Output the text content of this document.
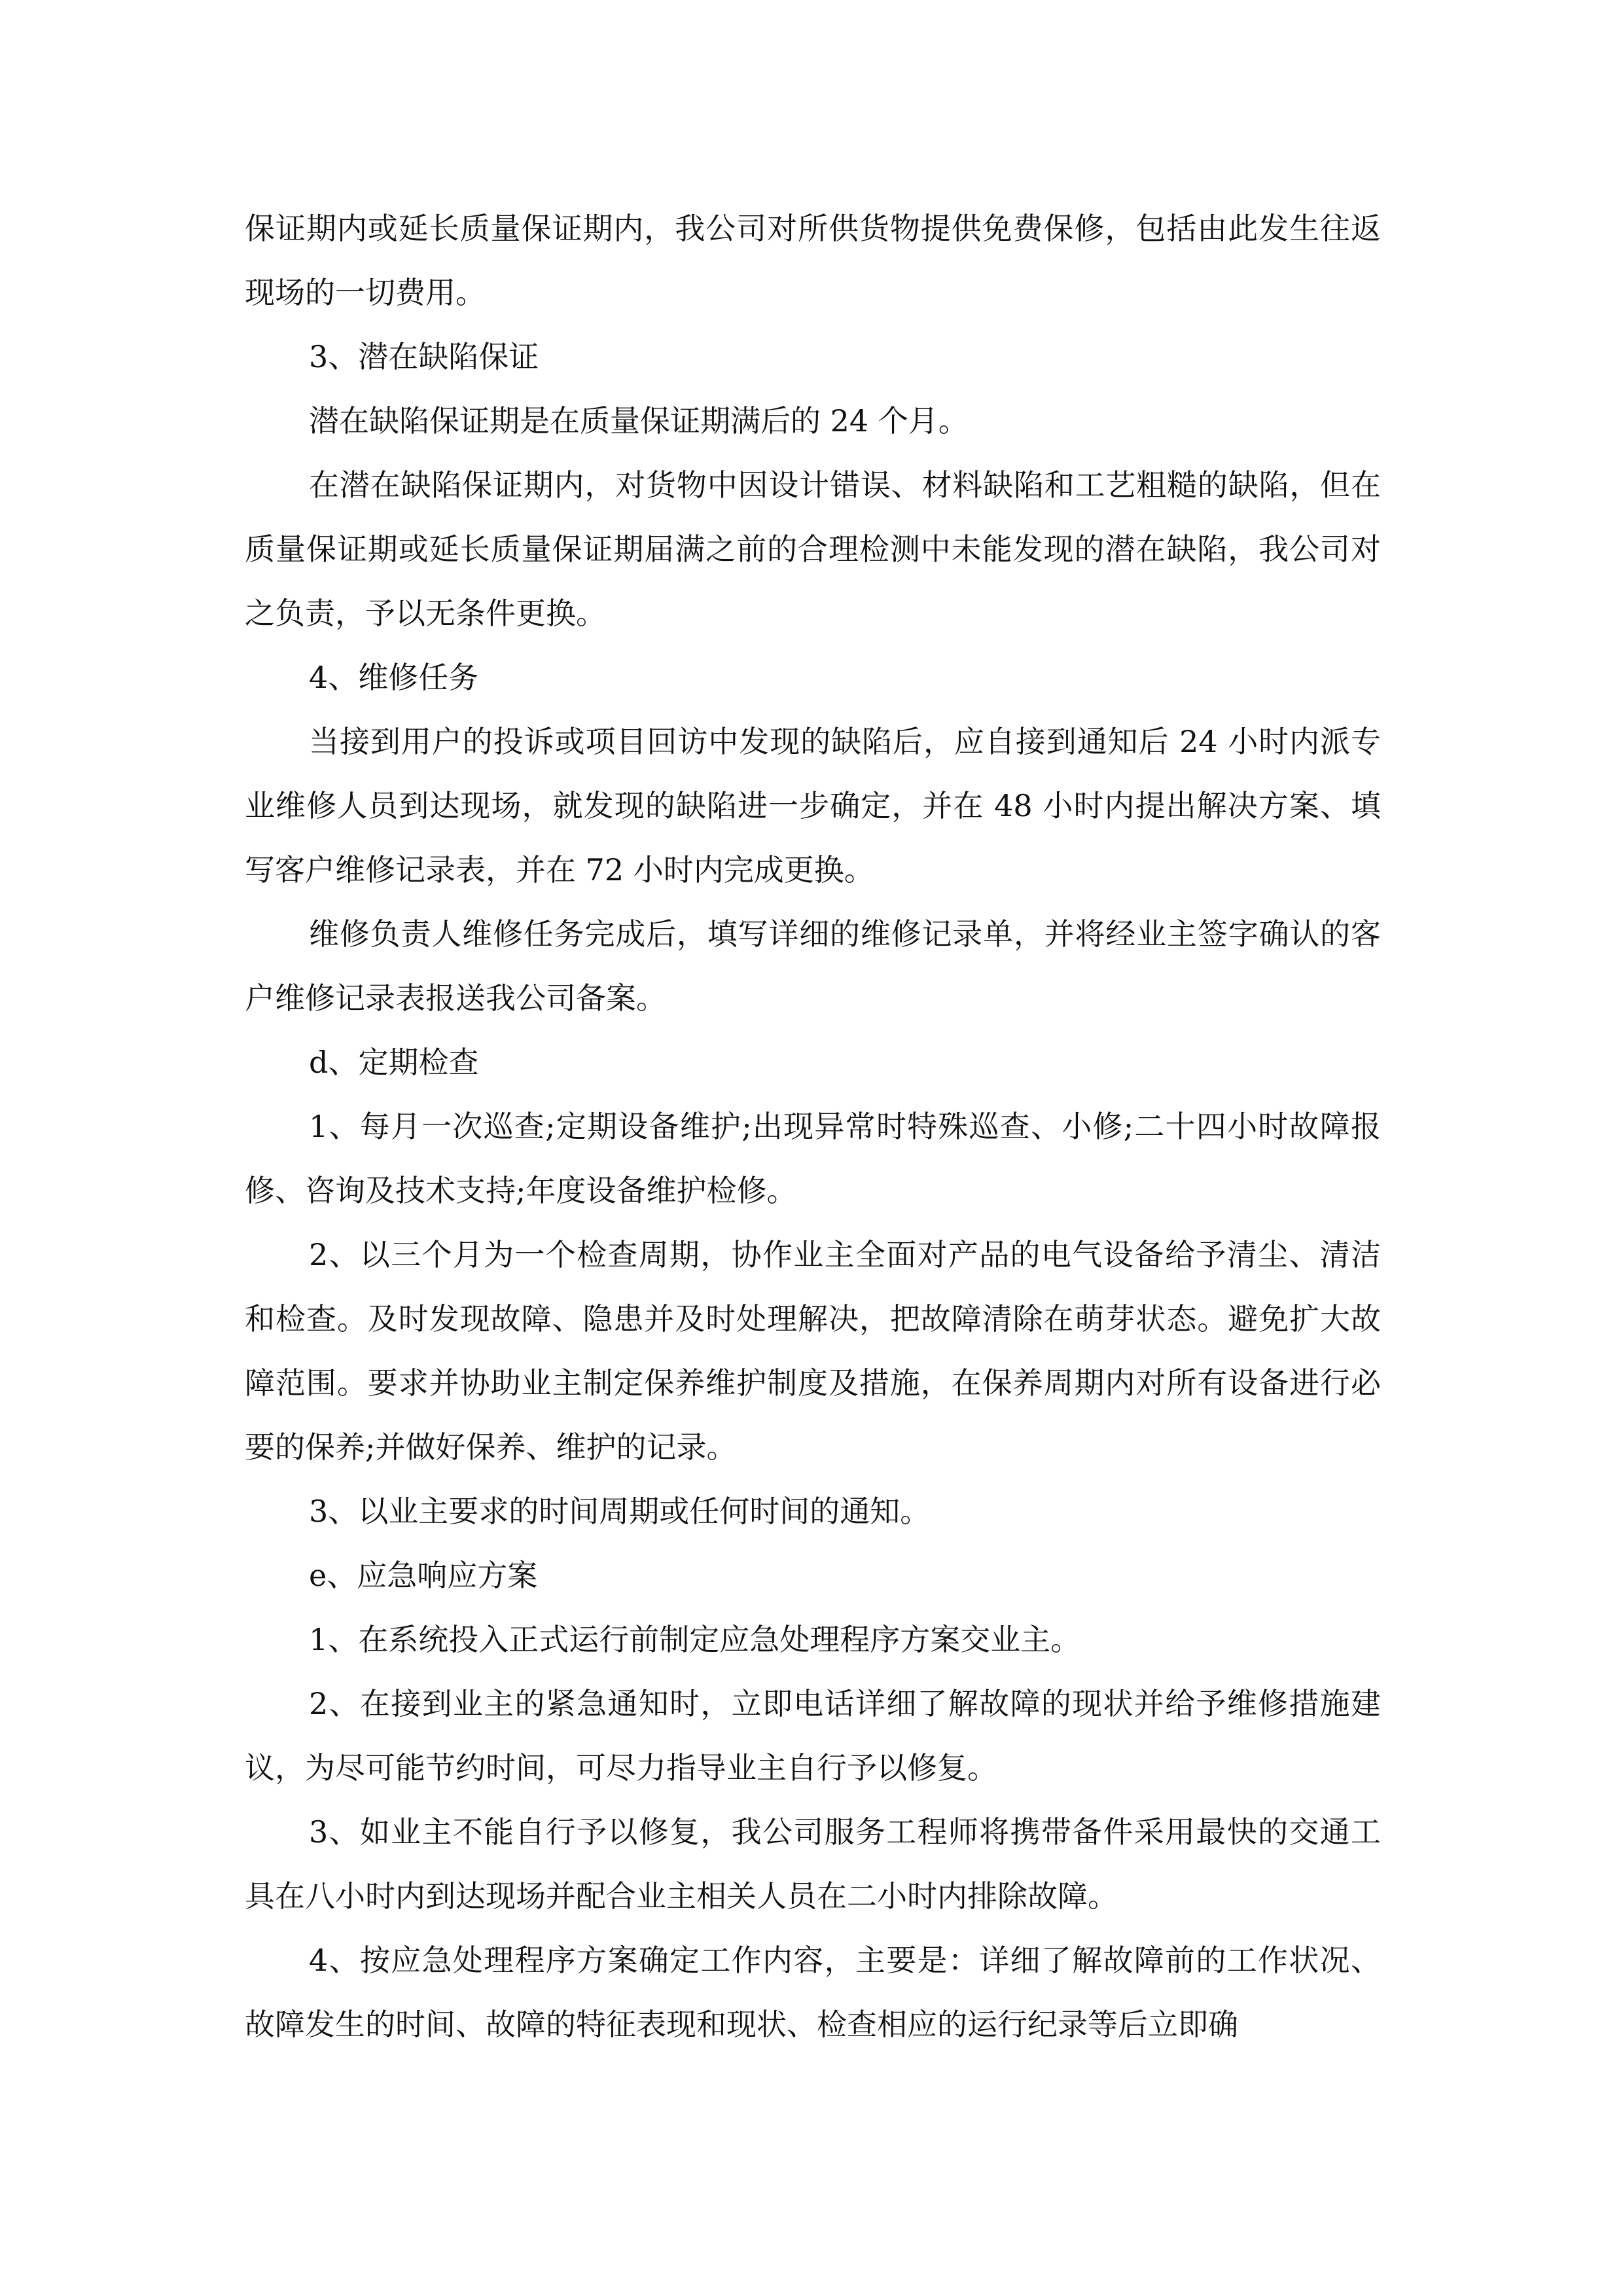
保证期内或延长质量保证期内，我公司对所供货物提供免费保修，包括由此发生往返现场的一切费用。

3、潜在缺陷保证

潜在缺陷保证期是在质量保证期满后的 24 个月。

在潜在缺陷保证期内，对货物中因设计错误、材料缺陷和工艺粗糙的缺陷，但在质量保证期或延长质量保证期届满之前的合理检测中未能发现的潜在缺陷，我公司对之负责，予以无条件更换。

4、维修任务

当接到用户的投诉或项目回访中发现的缺陷后，应自接到通知后 24 小时内派专业维修人员到达现场，就发现的缺陷进一步确定，并在 48 小时内提出解决方案、填写客户维修记录表，并在 72 小时内完成更换。

维修负责人维修任务完成后，填写详细的维修记录单，并将经业主签字确认的客户维修记录表报送我公司备案。

d、定期检查

1、每月一次巡查;定期设备维护;出现异常时特殊巡查、小修;二十四小时故障报修、咨询及技术支持;年度设备维护检修。

2、以三个月为一个检查周期，协作业主全面对产品的电气设备给予清尘、清洁和检查。及时发现故障、隐患并及时处理解决，把故障清除在萌芽状态。避免扩大故障范围。要求并协助业主制定保养维护制度及措施，在保养周期内对所有设备进行必要的保养;并做好保养、维护的记录。

3、以业主要求的时间周期或任何时间的通知。

e、应急响应方案

1、在系统投入正式运行前制定应急处理程序方案交业主。

2、在接到业主的紧急通知时，立即电话详细了解故障的现状并给予维修措施建议，为尽可能节约时间，可尽力指导业主自行予以修复。

3、如业主不能自行予以修复，我公司服务工程师将携带备件采用最快的交通工具在八小时内到达现场并配合业主相关人员在二小时内排除故障。

4、按应急处理程序方案确定工作内容，主要是：详细了解故障前的工作状况、故障发生的时间、故障的特征表现和现状、检查相应的运行纪录等后立即确
